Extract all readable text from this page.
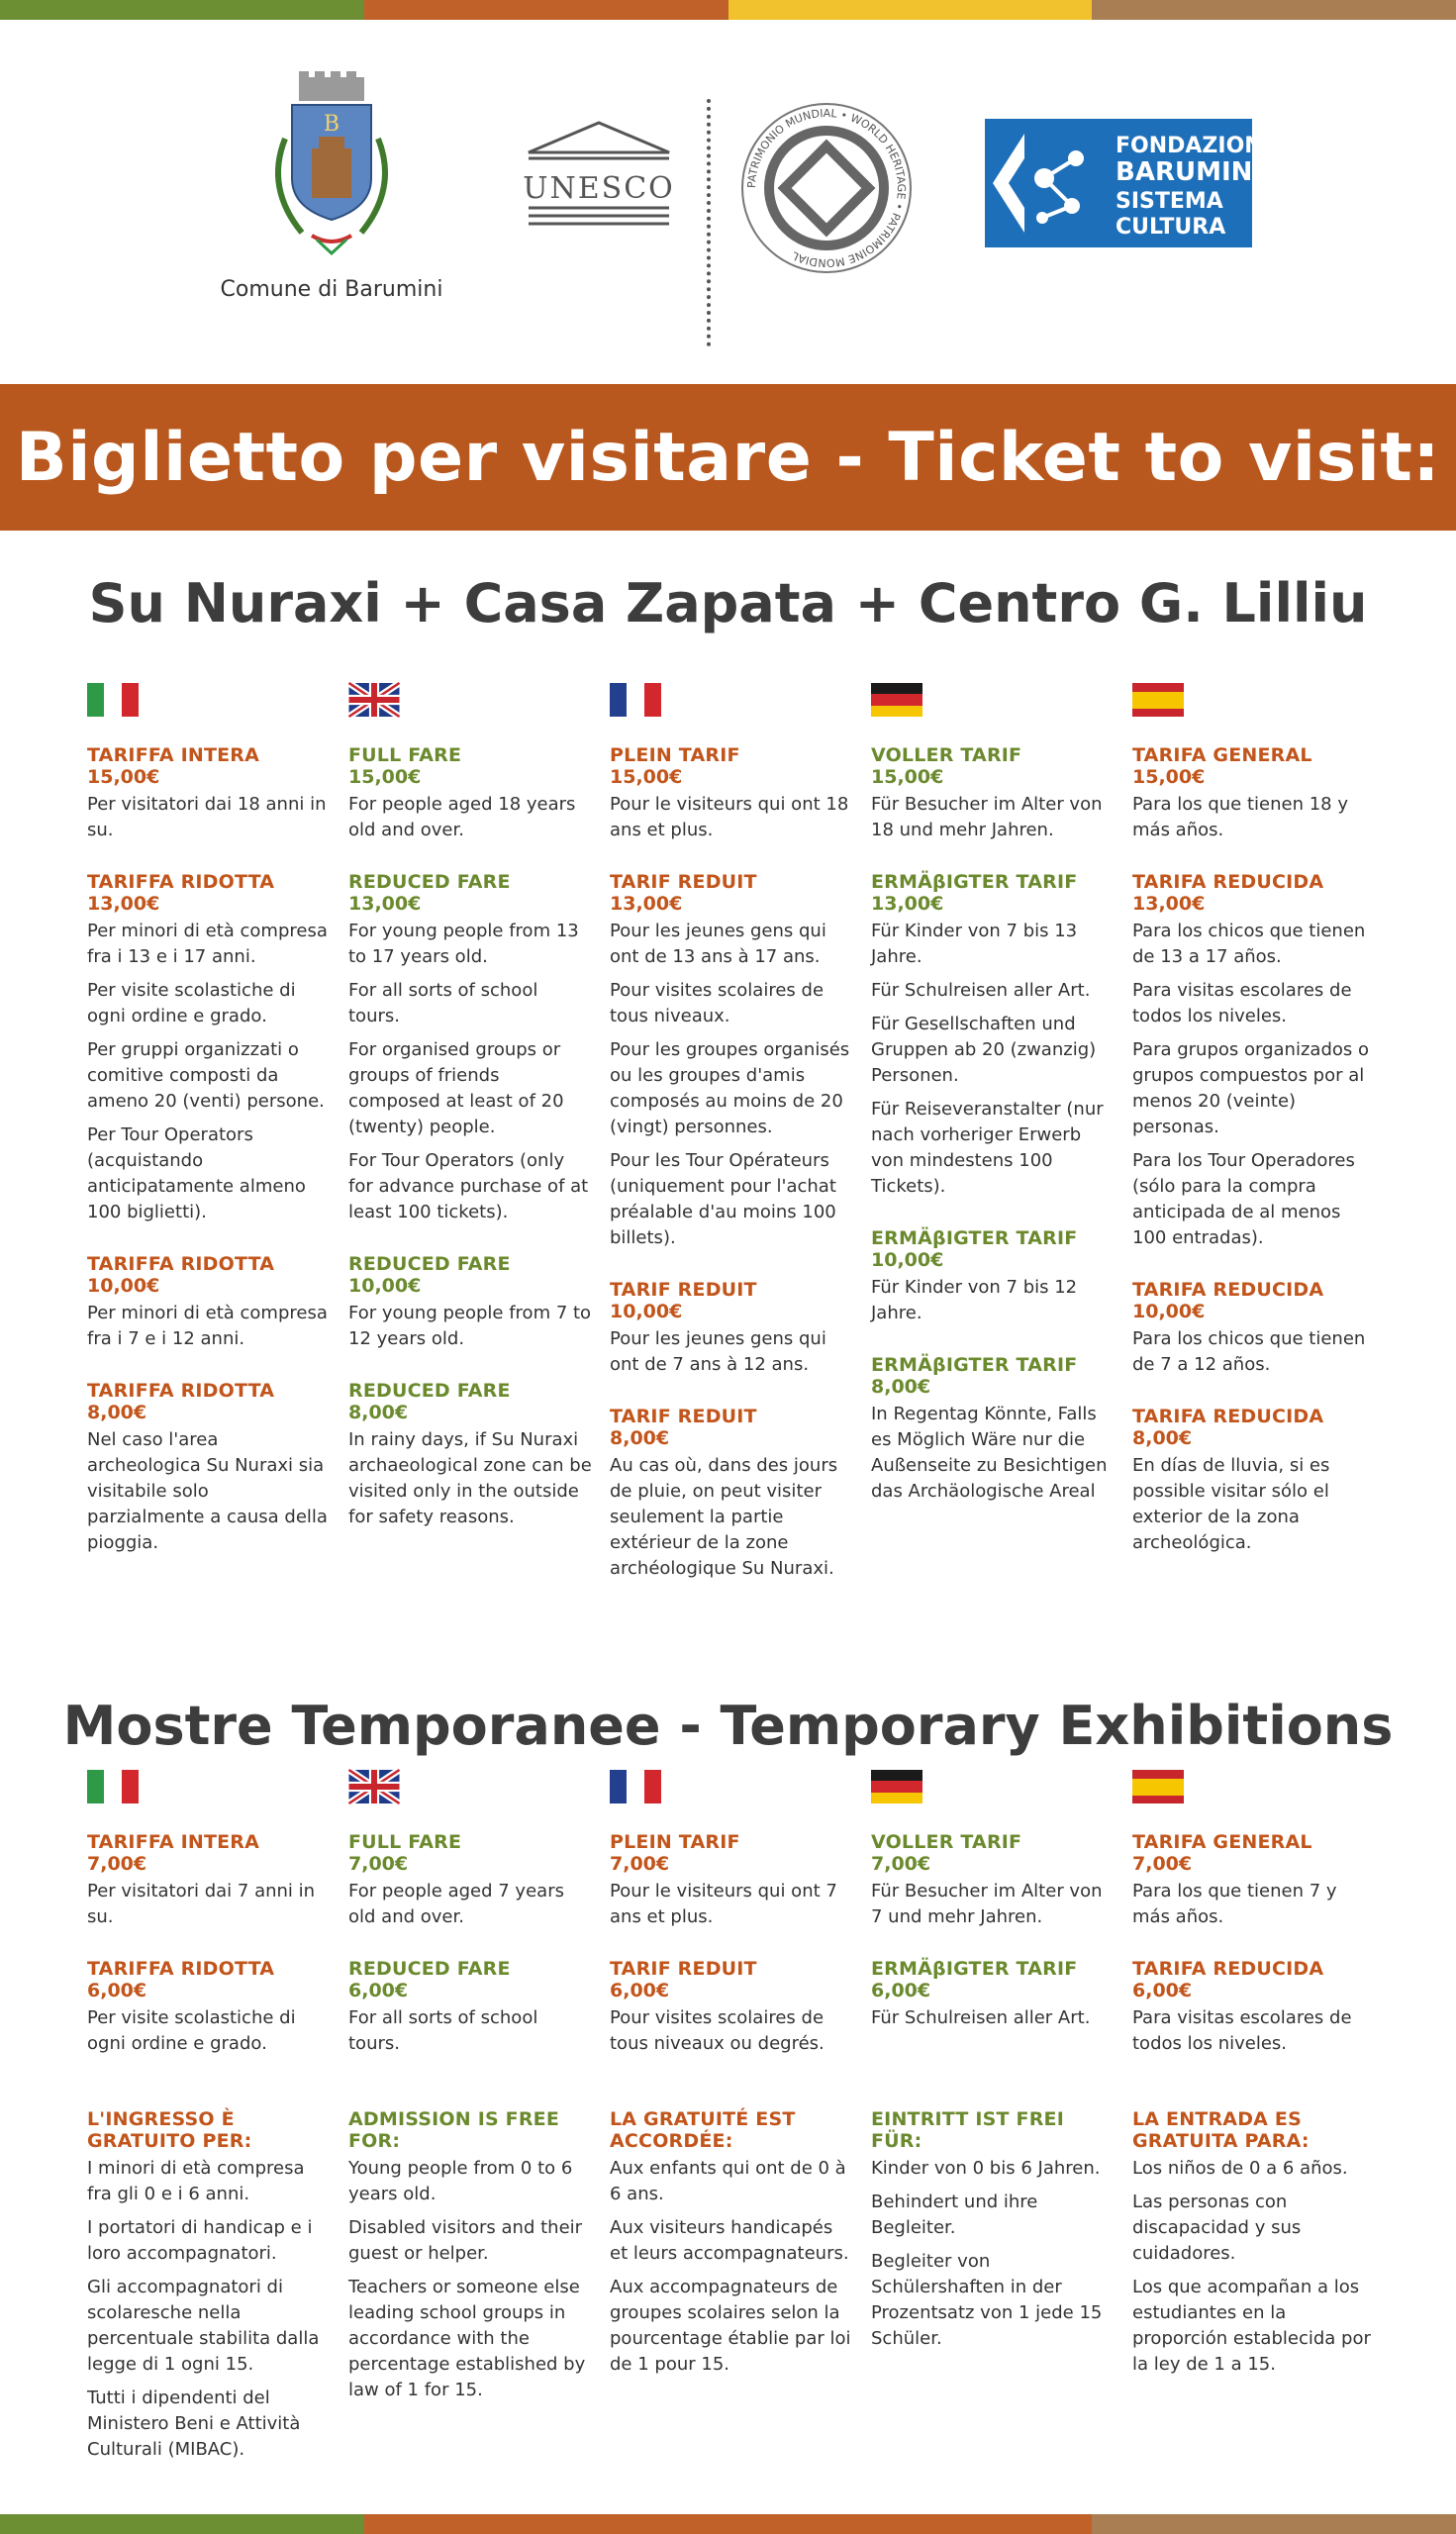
B
Comune di Barumini
UNESCO	PATRIMONIO MUNDIAL • WORLD HERITAGE • PATRIMOINE MONDIAL
FONDAZIONE
BARUMINI
SISTEMA
CULTURA
Biglietto per visitare - Ticket to visit:
Su Nuraxi + Casa Zapata + Centro G. Lilliu
TARIFFA INTERA
15,00€
Per visitatori dai 18 anni in su.
TARIFFA RIDOTTA
13,00€
Per minori di età compresa fra i 13 e i 17 anni.
Per visite scolastiche di ogni ordine e grado.
Per gruppi organizzati o comitive composti da ameno 20 (venti) persone.
Per Tour Operators (acquistando anticipatamente almeno 100 biglietti).
TARIFFA RIDOTTA
10,00€
Per minori di età compresa fra i 7 e i 12 anni.
TARIFFA RIDOTTA
8,00€
Nel caso l'area archeologica Su Nuraxi sia visitabile solo parzialmente a causa della pioggia.
FULL FARE
15,00€
For people aged 18 years old and over.
REDUCED FARE
13,00€
For young people from 13 to 17 years old.
For all sorts of school tours.
For organised groups or groups of friends composed at least of 20 (twenty) people.
For Tour Operators (only for advance purchase of at least 100 tickets).
REDUCED FARE
10,00€
For young people from 7 to 12 years old.
REDUCED FARE
8,00€
In rainy days, if Su Nuraxi archaeological zone can be visited only in the outside for safety reasons.
PLEIN TARIF
15,00€
Pour le visiteurs qui ont 18 ans et plus.
TARIF REDUIT
13,00€
Pour les jeunes gens qui ont de 13 ans à 17 ans.
Pour visites scolaires de tous niveaux.
Pour les groupes organisés ou les groupes d'amis composés au moins de 20 (vingt) personnes.
Pour les Tour Opérateurs (uniquement pour l'achat préalable d'au moins 100 billets).
TARIF REDUIT
10,00€
Pour les jeunes gens qui ont de 7 ans à 12 ans.
TARIF REDUIT
8,00€
Au cas où, dans des jours de pluie, on peut visiter seulement la partie extérieur de la zone archéologique Su Nuraxi.
VOLLER TARIF
15,00€
Für Besucher im Alter von 18 und mehr Jahren.
ERMÄβIGTER TARIF
13,00€
Für Kinder von 7 bis 13 Jahre.
Für Schulreisen aller Art.
Für Gesellschaften und Gruppen ab 20 (zwanzig) Personen.
Für Reiseveranstalter (nur nach vorheriger Erwerb von mindestens 100 Tickets).
ERMÄβIGTER TARIF
10,00€
Für Kinder von 7 bis 12 Jahre.
ERMÄβIGTER TARIF
8,00€
In Regentag Könnte, Falls es Möglich Wäre nur die Außenseite zu Besichtigen das Archäologische Areal
TARIFA GENERAL
15,00€
Para los que tienen 18 y más años.
TARIFA REDUCIDA
13,00€
Para los chicos que tienen de 13 a 17 años.
Para visitas escolares de todos los niveles.
Para grupos organizados o grupos compuestos por al menos 20 (veinte) personas.
Para los Tour Operadores (sólo para la compra anticipada de al menos 100 entradas).
TARIFA REDUCIDA
10,00€
Para los chicos que tienen de 7 a 12 años.
TARIFA REDUCIDA
8,00€
En días de lluvia, si es possible visitar sólo el exterior de la zona archeológica.
Mostre Temporanee - Temporary Exhibitions
TARIFFA INTERA
7,00€
Per visitatori dai 7 anni in su.
TARIFFA RIDOTTA
6,00€
Per visite scolastiche di ogni ordine e grado.
FULL FARE
7,00€
For people aged 7 years old and over.
REDUCED FARE
6,00€
For all sorts of school tours.
PLEIN TARIF
7,00€
Pour le visiteurs qui ont 7 ans et plus.
TARIF REDUIT
6,00€
Pour visites scolaires de tous niveaux ou degrés.
VOLLER TARIF
7,00€
Für Besucher im Alter von 7 und mehr Jahren.
ERMÄβIGTER TARIF
6,00€
Für Schulreisen aller Art.
TARIFA GENERAL
7,00€
Para los que tienen 7 y más años.
TARIFA REDUCIDA
6,00€
Para visitas escolares de todos los niveles.
L'INGRESSO È GRATUITO PER:
I minori di età compresa fra gli 0 e i 6 anni.
I portatori di handicap e i loro accompagnatori.
Gli accompagnatori di scolaresche nella percentuale stabilita dalla legge di 1 ogni 15.
Tutti i dipendenti del Ministero Beni e Attività Culturali (MIBAC).
ADMISSION IS FREE FOR:
Young people from 0 to 6 years old.
Disabled visitors and their guest or helper.
Teachers or someone else leading school groups in accordance with the percentage established by law of 1 for 15.
LA GRATUITÉ EST ACCORDÉE:
Aux enfants qui ont de 0 à 6 ans.
Aux visiteurs handicapés et leurs accompagnateurs.
Aux accompagnateurs de groupes scolaires selon la pourcentage établie par loi de 1 pour 15.
EINTRITT IST FREI FÜR:
Kinder von 0 bis 6 Jahren.
Behindert und ihre Begleiter.
Begleiter von Schülershaften in der Prozentsatz von 1 jede 15 Schüler.
LA ENTRADA ES GRATUITA PARA:
Los niños de 0 a 6 años.
Las personas con discapacidad y sus cuidadores.
Los que acompañan a los estudiantes en la proporción establecida por la ley de 1 a 15.
